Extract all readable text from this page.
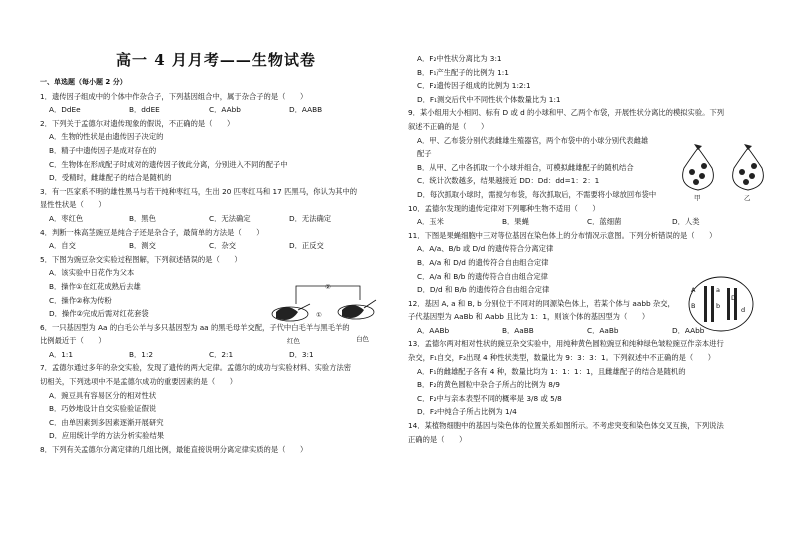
高一 4 月月考——生物试卷
一、单选题（每小题 2 分）
1．遗传因子组成中的个体中作杂合子，下列基因组合中，属于杂合子的是（　　）
A．DdEe	B．ddEE	C．AAbb	D．AABB
2．下列关于孟德尔对遗传现象的假说，不正确的是（　　）
A．生物的性状是由遗传因子决定的
B．精子中遗传因子是成对存在的
C．生物体在形成配子时成对的遗传因子彼此分离，分别进入不同的配子中
D．受精时，雌雄配子的结合是随机的
3．有一匹家系不明的雄性黑马与若干纯种枣红马，生出 20 匹枣红马和 17 匹黑马，你认为其中的
显性性状是（　　）
A．枣红色	B．黑色	C．无法确定	D．无法确定
4．判断一株高茎豌豆是纯合子还是杂合子，最简单的方法是（　　）
A．自交	B．测交	C．杂交	D．正反交
5．下图为豌豆杂交实验过程图解，下列叙述错误的是（　　）
A．该实验中日花作为父本
B．操作①在红花成熟后去雄
C．操作②称为传粉
D．操作②完成后需对红花套袋
6．一只基因型为 Aa 的白毛公羊与多只基因型为 aa 的黑毛母羊交配，子代中白毛羊与黑毛羊的
比例最近于（　　）
A．1:1	B．1:2	C．2:1	D．3:1
7．孟德尔通过多年的杂交实验，发现了遗传的两大定律。孟德尔的成功与实验材料、实验方法密
切相关，下列选项中不是孟德尔成功的重要因素的是（　　）
A．豌豆具有容易区分的相对性状
B．巧妙地设计自交实验验证假说
C．由单因素到多因素逐渐开展研究
D．应用统计学的方法分析实验结果
8．下列有关孟德尔分离定律的几组比例，最能直接说明分离定律实质的是（　　）
A．F₂中性状分离比为 3:1
B．F₁产生配子的比例为 1:1
C．F₂遗传因子组成的比例为 1:2:1
D．F₁测交后代中不同性状个体数量比为 1:1
9．某小组用大小相同、标有 D 或 d 的小球和甲、乙两个布袋，开展性状分离比的模拟实验。下列
叙述不正确的是（　　）
A．甲、乙布袋分别代表雌雄生殖器官，两个布袋中的小球分别代表雌雄
配子
B．从甲、乙中各抓取一个小球并组合，可模拟雌雄配子的随机结合
C．统计次数越多，结果越接近 DD：Dd：dd=1：2：1
D．每次抓取小球时，需搅匀布袋，每次抓取后，不需要将小球放回布袋中
10．孟德尔发现的遗传定律对下列哪种生物不适用（　　）
A．玉米	B．果蝇	C．蓝细菌	D．人类
11．下图是果蝇细胞中三对等位基因在染色体上的分布情况示意图。下列分析错误的是（　　）
A．A/a、B/b 或 D/d 的遗传符合分离定律
B．A/a 和 D/d 的遗传符合自由组合定律
C．A/a 和 B/b 的遗传符合自由组合定律
D．D/d 和 B/b 的遗传符合自由组合定律
12．基因 A, a 和 B, b 分别位于不同对的同源染色体上，若某个体与 aabb 杂交，
子代基因型为 AaBb 和 Aabb 且比为 1：1，则该个体的基因型为（　　）
A．AABb	B．AaBB	C．AaBb	D．AAbb
13．孟德尔两对相对性状的豌豆杂交实验中，用纯种黄色圆粒豌豆和纯种绿色皱粒豌豆作亲本进行
杂交，F₁自交，F₂出现 4 种性状类型，数量比为 9：3：3：1。下列叙述中不正确的是（　　）
A．F₁的雌雄配子各有 4 种，数量比均为 1：1：1：1，且雌雄配子的结合是随机的
B．F₂的黄色圆粒中杂合子所占的比例为 8/9
C．F₂中与亲本表型不同的概率是 3/8 或 5/8
D．F₂中纯合子所占比例为 1/4
14．某植物细胞中的基因与染色体的位置关系如图所示。不考虑突变和染色体交叉互换，下列说法
正确的是（　　）
①
②
红色	白色
甲	乙
A
B
a
b
D
d
